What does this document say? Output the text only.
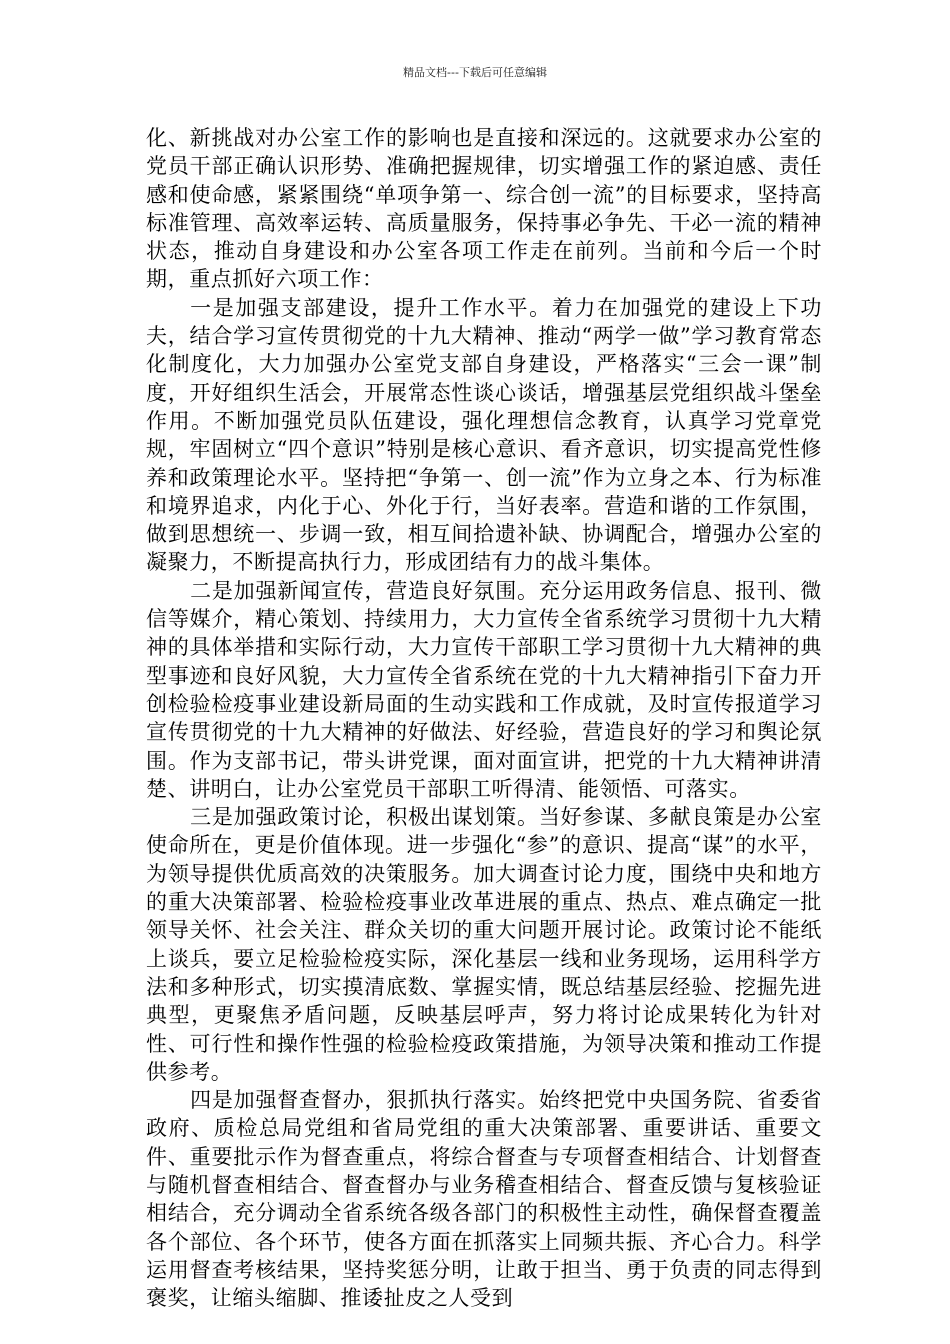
精品文档---下载后可任意编辑

化、新挑战对办公室工作的影响也是直接和深远的。这就要求办公室的党员干部正确认识形势、准确把握规律，切实增强工作的紧迫感、责任感和使命感，紧紧围绕“单项争第一、综合创一流”的目标要求，坚持高标准管理、高效率运转、高质量服务，保持事必争先、干必一流的精神状态，推动自身建设和办公室各项工作走在前列。当前和今后一个时期，重点抓好六项工作：

一是加强支部建设，提升工作水平。着力在加强党的建设上下功夫，结合学习宣传贯彻党的十九大精神、推动“两学一做”学习教育常态化制度化，大力加强办公室党支部自身建设，严格落实“三会一课”制度，开好组织生活会，开展常态性谈心谈话，增强基层党组织战斗堡垒作用。不断加强党员队伍建设，强化理想信念教育，认真学习党章党规，牢固树立“四个意识”特别是核心意识、看齐意识，切实提高党性修养和政策理论水平。坚持把“争第一、创一流”作为立身之本、行为标准和境界追求，内化于心、外化于行，当好表率。营造和谐的工作氛围，做到思想统一、步调一致，相互间拾遗补缺、协调配合，增强办公室的凝聚力，不断提高执行力，形成团结有力的战斗集体。

二是加强新闻宣传，营造良好氛围。充分运用政务信息、报刊、微信等媒介，精心策划、持续用力，大力宣传全省系统学习贯彻十九大精神的具体举措和实际行动，大力宣传干部职工学习贯彻十九大精神的典型事迹和良好风貌，大力宣传全省系统在党的十九大精神指引下奋力开创检验检疫事业建设新局面的生动实践和工作成就，及时宣传报道学习宣传贯彻党的十九大精神的好做法、好经验，营造良好的学习和舆论氛围。作为支部书记，带头讲党课，面对面宣讲，把党的十九大精神讲清楚、讲明白，让办公室党员干部职工听得清、能领悟、可落实。

三是加强政策讨论，积极出谋划策。当好参谋、多献良策是办公室使命所在，更是价值体现。进一步强化“参”的意识、提高“谋”的水平，为领导提供优质高效的决策服务。加大调查讨论力度，围绕中央和地方的重大决策部署、检验检疫事业改革进展的重点、热点、难点确定一批领导关怀、社会关注、群众关切的重大问题开展讨论。政策讨论不能纸上谈兵，要立足检验检疫实际，深化基层一线和业务现场，运用科学方法和多种形式，切实摸清底数、掌握实情，既总结基层经验、挖掘先进典型，更聚焦矛盾问题，反映基层呼声，努力将讨论成果转化为针对性、可行性和操作性强的检验检疫政策措施，为领导决策和推动工作提供参考。

四是加强督查督办，狠抓执行落实。始终把党中央国务院、省委省政府、质检总局党组和省局党组的重大决策部署、重要讲话、重要文件、重要批示作为督查重点，将综合督查与专项督查相结合、计划督查与随机督查相结合、督查督办与业务稽查相结合、督查反馈与复核验证相结合，充分调动全省系统各级各部门的积极性主动性，确保督查覆盖各个部位、各个环节，使各方面在抓落实上同频共振、齐心合力。科学运用督查考核结果，坚持奖惩分明，让敢于担当、勇于负责的同志得到褒奖，让缩头缩脚、推诿扯皮之人受到
